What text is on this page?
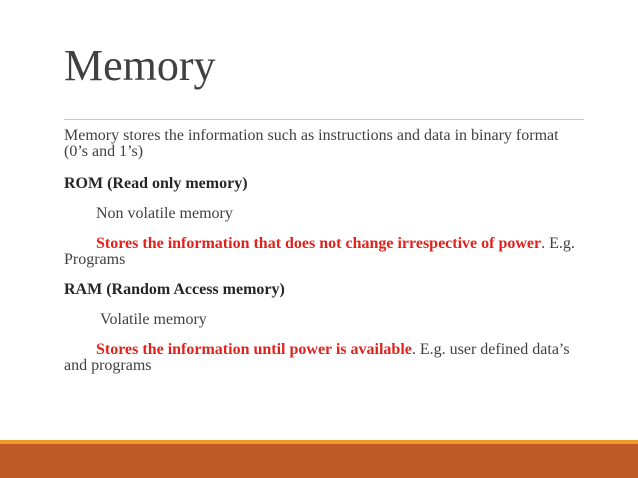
Memory

Memory stores the information such as instructions and data in binary format (0’s and 1’s)

ROM (Read only memory)

Non volatile memory

Stores the information that does not change irrespective of power. E.g. Programs

RAM (Random Access memory)

Volatile memory

Stores the information until power is available. E.g. user defined data’s and programs
